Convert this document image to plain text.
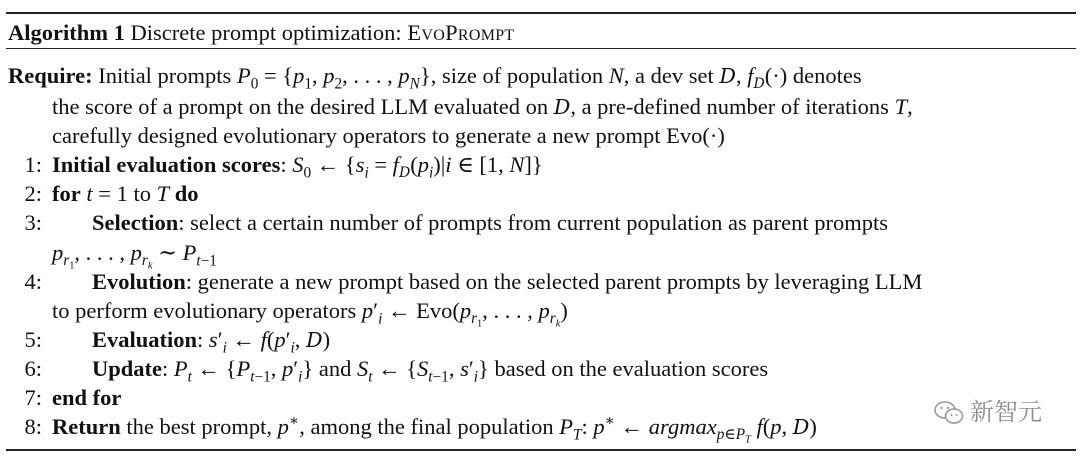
Algorithm 1 Discrete prompt optimization: EvoPrompt
Require: Initial prompts $P_0 = \{p_1$, $p_2$, . . . , $p_N$}, size of population N, a dev set D, $f_D(\cdot)$ denotes
the score of a prompt on the desired LLM evaluated on D, a pre-defined number of iterations T,
carefully designed evolutionary operators to generate a new prompt Evo(·)
1: Initial evaluation scores: $S_0$ ← {$s_i = f_D(p_i)|i$ ∈ [1, N]}
2: for t = 1 to T do
3: Selection: select a certain number of prompts from current population as parent prompts
$p_{r_1}$, . . . , $p_{r_k}$ ∼ $P_{t-1}$
4: Evolution: generate a new prompt based on the selected parent prompts by leveraging LLM
to perform evolutionary operators $p'_i$ ← $Evo(p_{r_1}$, . . . , $p_{r_k}$)
5: Evaluation: $s'_i$ ← $f(p'_i$, D)
6: Update: $P_t$ ← {$P_{t-1}$, $p'_i$} and $S_t$ ← {$S_{t-1}$, $s'_i$} based on the evaluation scores
7: end for
8: Return the best prompt, p∗, among the final population $P_T$: p∗ ← argmax$_{p\in P_T}$ f(p, D)
新智元
